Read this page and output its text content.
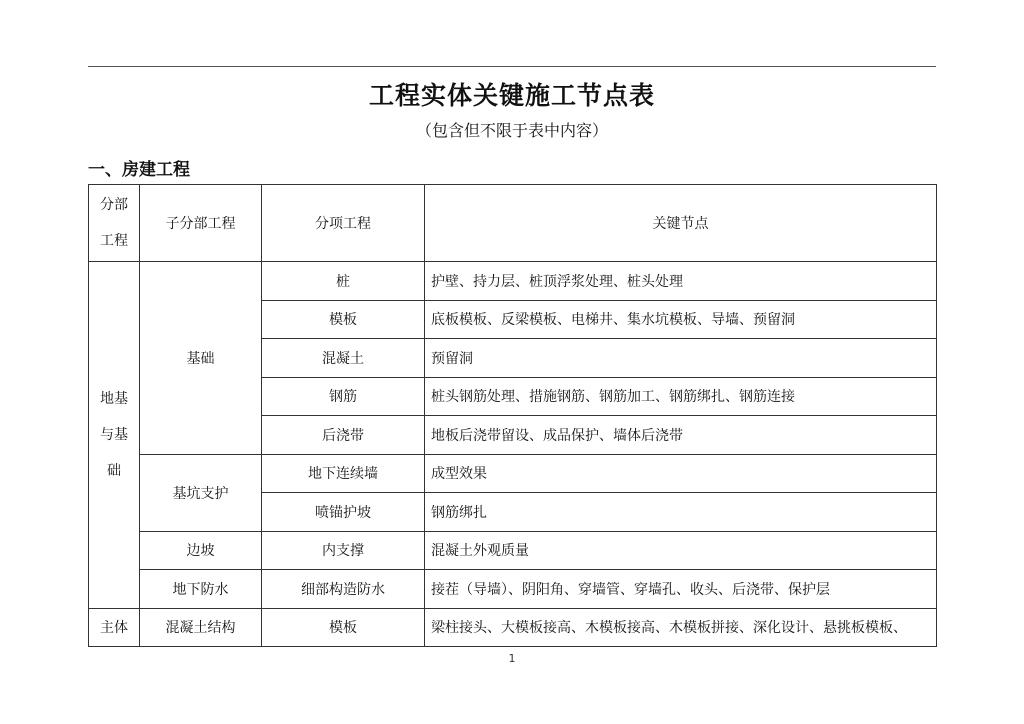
工程实体关键施工节点表
（包含但不限于表中内容）
一、房建工程
分部
工程	子分部工程	分项工程	关键节点

地基
与基
础	基础	桩	护壁、持力层、桩顶浮浆处理、桩头处理
		模板	底板模板、反梁模板、电梯井、集水坑模板、导墙、预留洞
		混凝土	预留洞
		钢筋	桩头钢筋处理、措施钢筋、钢筋加工、钢筋绑扎、钢筋连接
		后浇带	地板后浇带留设、成品保护、墙体后浇带
	基坑支护	地下连续墙	成型效果
		喷锚护坡	钢筋绑扎
	边坡	内支撑	混凝土外观质量
	地下防水	细部构造防水	接茬（导墙）、阴阳角、穿墙管、穿墙孔、收头、后浇带、保护层
主体	混凝土结构	模板	梁柱接头、大模板接高、木模板接高、木模板拼接、深化设计、悬挑板模板、
1
